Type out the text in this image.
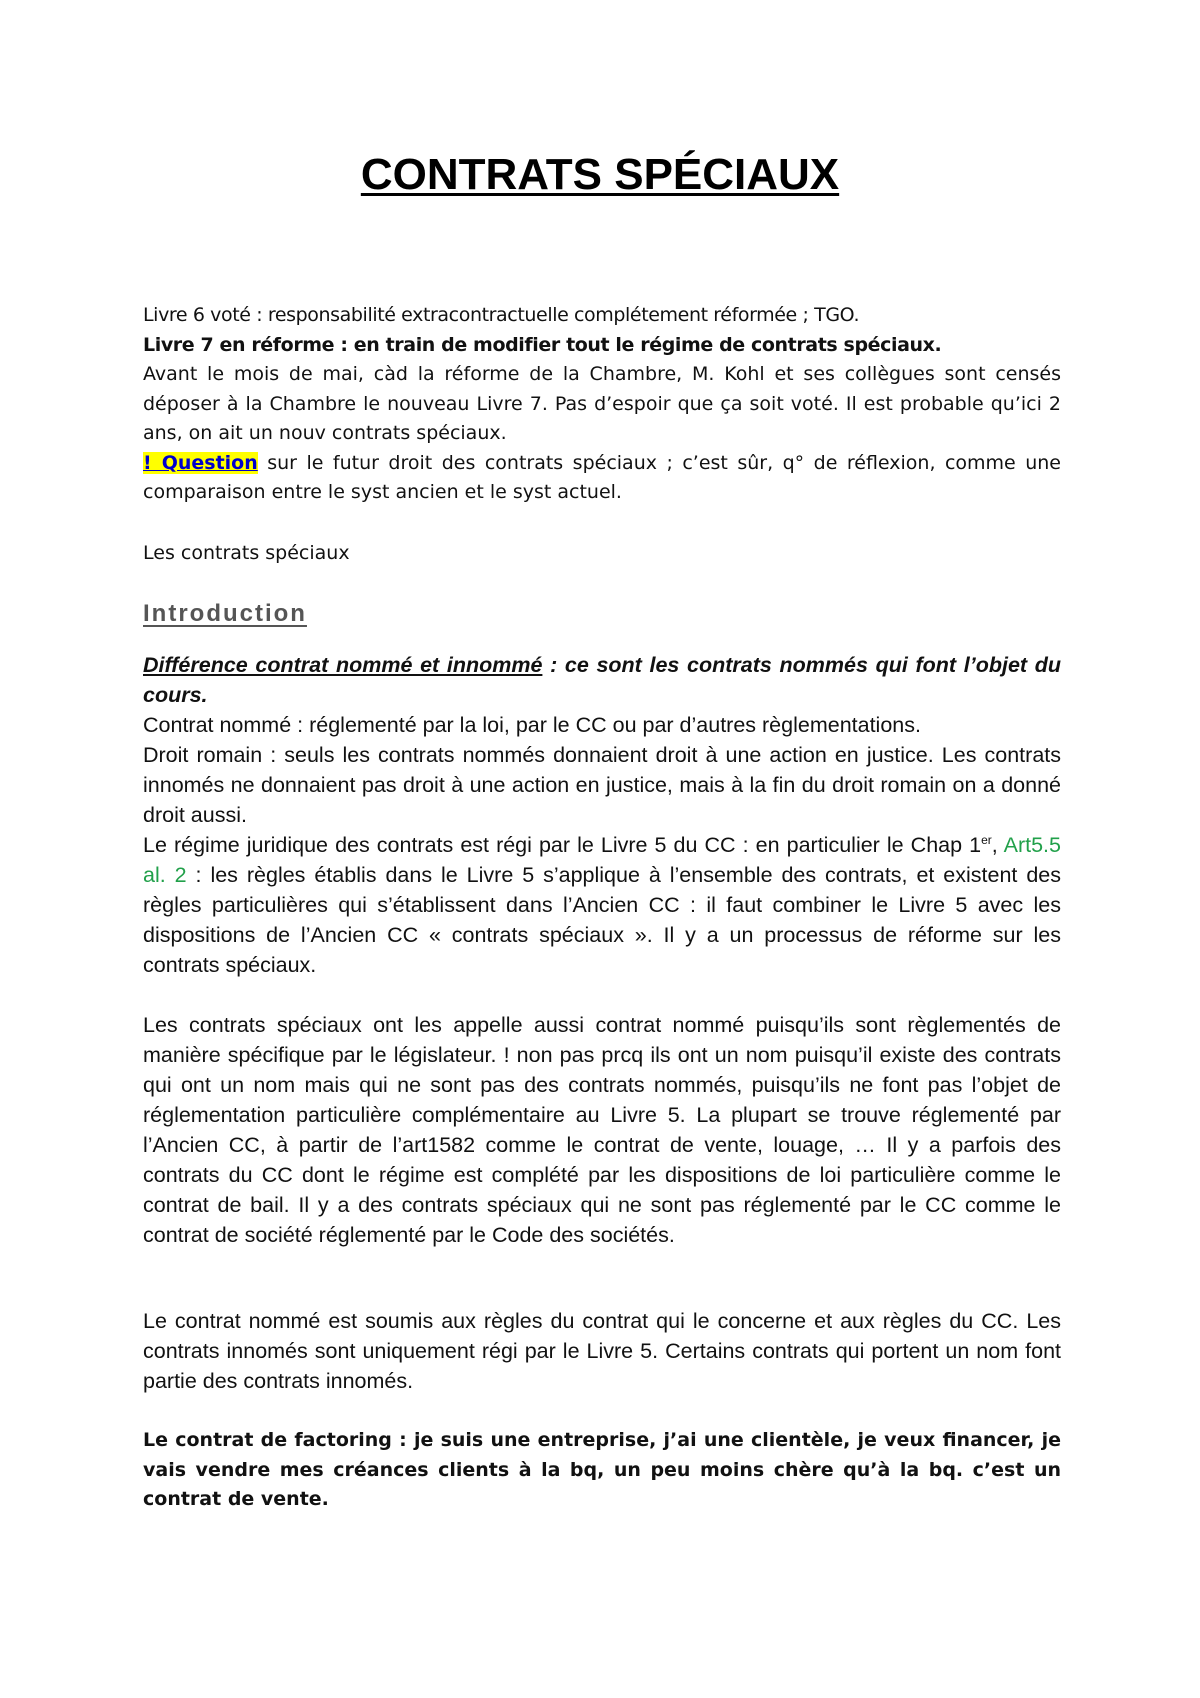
CONTRATS SPÉCIAUX

Livre 6 voté : responsabilité extracontractuelle complétement réformée ; TGO.

Livre 7 en réforme : en train de modifier tout le régime de contrats spéciaux.

Avant le mois de mai, càd la réforme de la Chambre, M. Kohl et ses collègues sont censés déposer à la Chambre le nouveau Livre 7. Pas d’espoir que ça soit voté. Il est probable qu’ici 2 ans, on ait un nouv contrats spéciaux.

! Question sur le futur droit des contrats spéciaux ; c’est sûr, q° de réflexion, comme une comparaison entre le syst ancien et le syst actuel.

Les contrats spéciaux

Introduction

Différence contrat nommé et innommé : ce sont les contrats nommés qui font l’objet du cours.

Contrat nommé : réglementé par la loi, par le CC ou par d’autres règlementations.

Droit romain : seuls les contrats nommés donnaient droit à une action en justice. Les contrats innomés ne donnaient pas droit à une action en justice, mais à la fin du droit romain on a donné droit aussi.

Le régime juridique des contrats est régi par le Livre 5 du CC : en particulier le Chap 1er, Art5.5 al. 2 : les règles établis dans le Livre 5 s’applique à l’ensemble des contrats, et existent des règles particulières qui s’établissent dans l’Ancien CC : il faut combiner le Livre 5 avec les dispositions de l’Ancien CC « contrats spéciaux ». Il y a un processus de réforme sur les contrats spéciaux.

Les contrats spéciaux ont les appelle aussi contrat nommé puisqu’ils sont règlementés de manière spécifique par le législateur. ! non pas prcq ils ont un nom puisqu’il existe des contrats qui ont un nom mais qui ne sont pas des contrats nommés, puisqu’ils ne font pas l’objet de réglementation particulière complémentaire au Livre 5. La plupart se trouve réglementé par l’Ancien CC, à partir de l’art1582 comme le contrat de vente, louage, … Il y a parfois des contrats du CC dont le régime est complété par les dispositions de loi particulière comme le contrat de bail. Il y a des contrats spéciaux qui ne sont pas réglementé par le CC comme le contrat de société réglementé par le Code des sociétés.

Le contrat nommé est soumis aux règles du contrat qui le concerne et aux règles du CC. Les contrats innomés sont uniquement régi par le Livre 5. Certains contrats qui portent un nom font partie des contrats innomés.

Le contrat de factoring : je suis une entreprise, j’ai une clientèle, je veux financer, je vais vendre mes créances clients à la bq, un peu moins chère qu’à la bq. c’est un contrat de vente.
